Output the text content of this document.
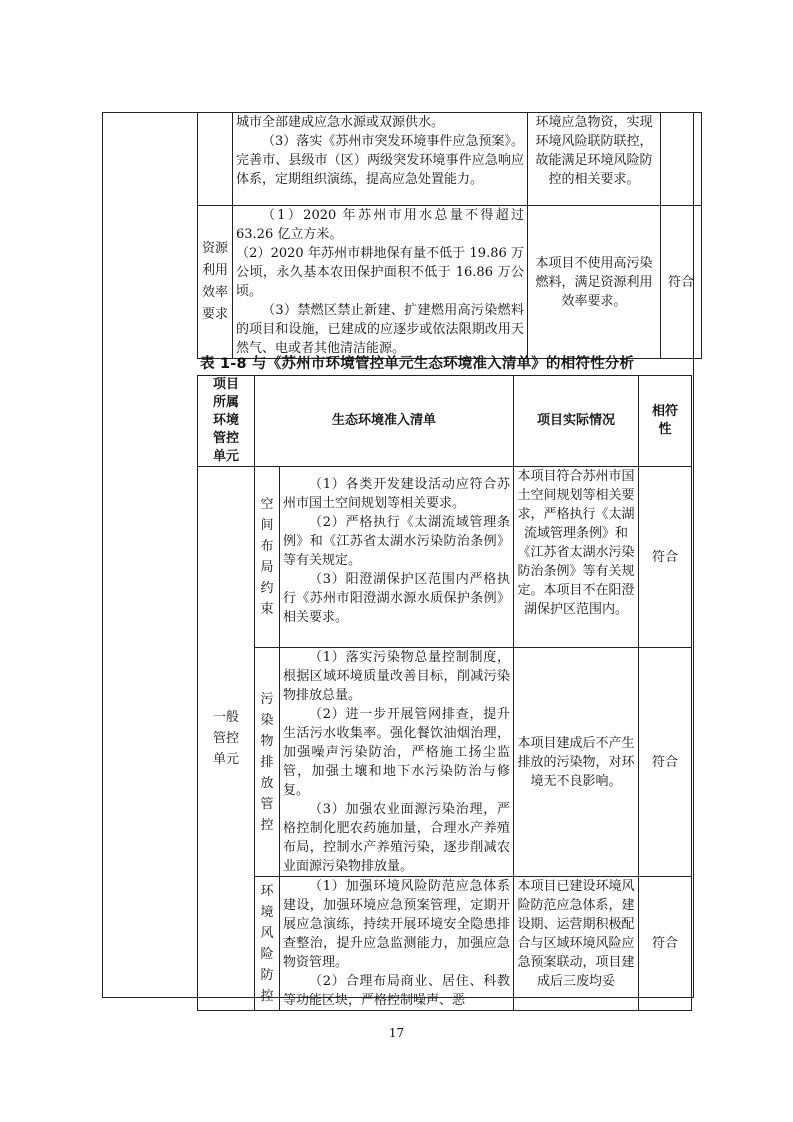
	城市全部建成应急水源或双源供水。
（3）落实《苏州市突发环境事件应急预案》。完善市、县级市（区）两级突发环境事件应急响应体系，定期组织演练，提高应急处置能力。	环境应急物资，实现环境风险联防联控，故能满足环境风险防控的相关要求。	
资源利用效率要求	（1）2020 年苏州市用水总量不得超过 63.26 亿立方米。
（2）2020 年苏州市耕地保有量不低于 19.86 万公顷，永久基本农田保护面积不低于 16.86 万公顷。
（3）禁燃区禁止新建、扩建燃用高污染燃料的项目和设施，已建成的应逐步或依法限期改用天然气、电或者其他清洁能源。	本项目不使用高污染燃料，满足资源利用效率要求。	符合
表 1-8 与《苏州市环境管控单元生态环境准入清单》的相符性分析
项目所属环境管控单元	生态环境准入清单		项目实际情况	相符性
一般管控单元	空间布局约束	（1）各类开发建设活动应符合苏州市国土空间规划等相关要求。
（2）严格执行《太湖流域管理条例》和《江苏省太湖水污染防治条例》等有关规定。
（3）阳澄湖保护区范围内严格执行《苏州市阳澄湖水源水质保护条例》相关要求。	本项目符合苏州市国土空间规划等相关要求，严格执行《太湖流域管理条例》和《江苏省太湖水污染防治条例》等有关规定。本项目不在阳澄湖保护区范围内。	符合
	污染物排放管控	（1）落实污染物总量控制制度，根据区域环境质量改善目标，削减污染物排放总量。
（2）进一步开展管网排查，提升生活污水收集率。强化餐饮油烟治理，加强噪声污染防治，严格施工扬尘监管，加强土壤和地下水污染防治与修复。
（3）加强农业面源污染治理，严格控制化肥农药施加量，合理水产养殖布局，控制水产养殖污染，逐步削减农业面源污染物排放量。	本项目建成后不产生排放的污染物，对环境无不良影响。	符合
	环境风险防控	（1）加强环境风险防范应急体系建设，加强环境应急预案管理，定期开展应急演练，持续开展环境安全隐患排查整治，提升应急监测能力，加强应急物资管理。
（2）合理布局商业、居住、科教等功能区块，严格控制噪声、恶	本项目已建设环境风险防范应急体系，建设期、运营期积极配合与区域环境风险应急预案联动，项目建成后三废均妥	符合
17
